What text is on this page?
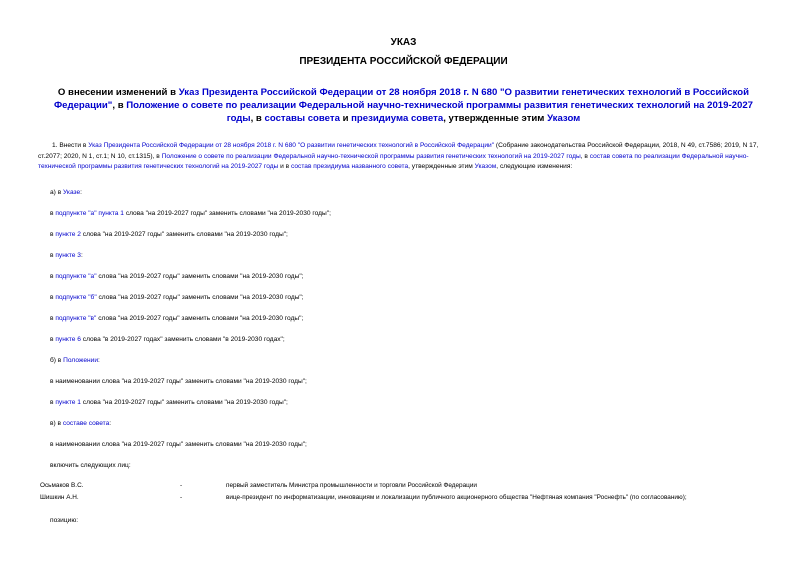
УКАЗ
ПРЕЗИДЕНТА РОССИЙСКОЙ ФЕДЕРАЦИИ
О внесении изменений в Указ Президента Российской Федерации от 28 ноября 2018 г. N 680 "О развитии генетических технологий в Российской Федерации", в Положение о совете по реализации Федеральной научно-технической программы развития генетических технологий на 2019-2027 годы, в составы совета и президиума совета, утвержденные этим Указом
1. Внести в Указ Президента Российской Федерации от 28 ноября 2018 г. N 680 "О развитии генетических технологий в Российской Федерации" (Собрание законодательства Российской Федерации, 2018, N 49, ст.7586; 2019, N 17, ст.2077; 2020, N 1, ст.1; N 10, ст.1315), в Положение о совете по реализации Федеральной научно-технической программы развития генетических технологий на 2019-2027 годы, в состав совета по реализации Федеральной научно-технической программы развития генетических технологий на 2019-2027 годы и в состав президиума названного совета, утвержденные этим Указом, следующие изменения:
а) в Указе:
в подпункте "а" пункта 1 слова "на 2019-2027 годы" заменить словами "на 2019-2030 годы";
в пункте 2 слова "на 2019-2027 годы" заменить словами "на 2019-2030 годы";
в пункте 3:
в подпункте "а" слова "на 2019-2027 годы" заменить словами "на 2019-2030 годы";
в подпункте "б" слова "на 2019-2027 годы" заменить словами "на 2019-2030 годы";
в подпункте "в" слова "на 2019-2027 годы" заменить словами "на 2019-2030 годы";
в пункте 6 слова "в 2019-2027 годах" заменить словами "в 2019-2030 годах";
б) в Положении:
в наименовании слова "на 2019-2027 годы" заменить словами "на 2019-2030 годы";
в пункте 1 слова "на 2019-2027 годы" заменить словами "на 2019-2030 годы";
в) в составе совета:
в наименовании слова "на 2019-2027 годы" заменить словами "на 2019-2030 годы";
включить следующих лиц:
Осьмаков В.С.	-	первый заместитель Министра промышленности и торговли Российской Федерации
Шишкин А.Н.	-	вице-президент по информатизации, инновациям и локализации публичного акционерного общества "Нефтяная компания "Роснефть" (по согласованию);
позицию:
